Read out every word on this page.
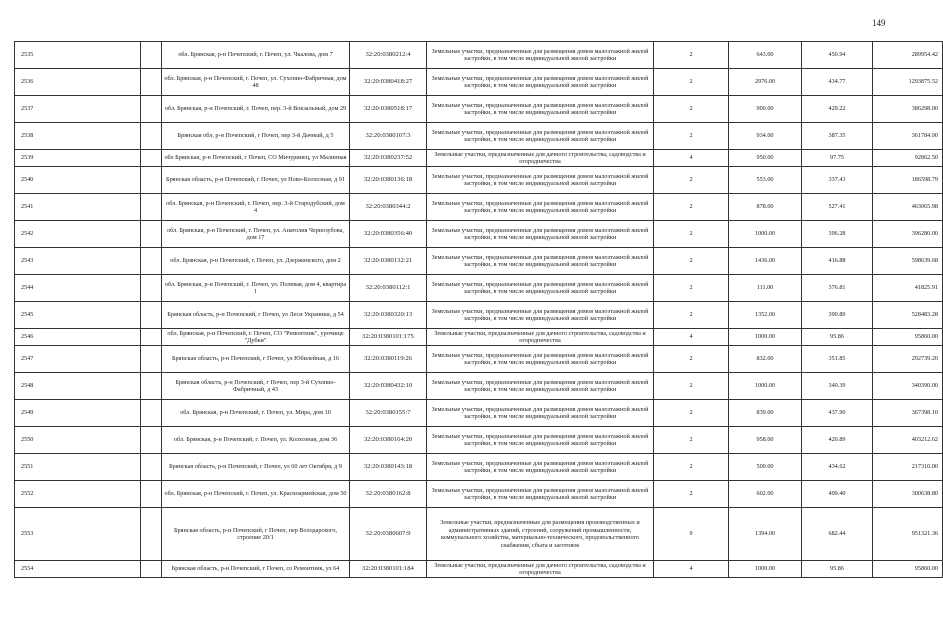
149
2535		обл. Брянская, р-н Почепский, г. Почеп, ул. Чкалова, дом 7	32:20:0380212:4	Земельные участки, предназначенные для размещения домов малоэтажной жилой застройки, в том числе индивидуальной жилой застройки	2	643.00	450.94	289954.42
2536		обл. Брянская, р-н Почепский, г. Почеп, ул. Сухопио-Фабричная, дом 48	32:20:0380418:27	Земельные участки, предназначенные для размещения домов малоэтажной жилой застройки, в том числе индивидуальной жилой застройки	2	2976.00	434.77	1293875.52
2537		обл. Брянская, р-н Почепский, г. Почеп, пер. 3-й Вокзальный, дом 29	32:20:0380518:17	Земельные участки, предназначенные для размещения домов малоэтажной жилой застройки, в том числе индивидуальной жилой застройки	2	900.00	429.22	386298.00
2538		Брянская обл, р-н Почепский, г Почеп, пер 3-й Дачный, д 5	32:20:0380107:3	Земельные участки, предназначенные для размещения домов малоэтажной жилой застройки, в том числе индивидуальной жилой застройки	2	934.00	387.35	361784.90
2539		обл Брянская, р-н Почепский, г Почеп, СО Мичуринец, ул Малинная	32:20:0380237:52	Земельные участки, предназначенные для дачного строительства, садоводства и огородничества	4	950.00	97.75	92862.50
2540		Брянская область, р-н Почепский, г Почеп, ул Ново-Колхозная, д 91	32:20:0380136:18	Земельные участки, предназначенные для размещения домов малоэтажной жилой застройки, в том числе индивидуальной жилой застройки	2	553.00	337.43	186598.79
2541		обл. Брянская, р-н Почепский, г. Почеп, пер. 3-й Стародубский, дом 4	32:20:0380344:2	Земельные участки, предназначенные для размещения домов малоэтажной жилой застройки, в том числе индивидуальной жилой застройки	2	878.00	527.41	463065.98
2542		обл. Брянская, р-н Почепский, г. Почеп, ул. Анатолия Чернозубова, дом 17	32:20:0380356:40	Земельные участки, предназначенные для размещения домов малоэтажной жилой застройки, в том числе индивидуальной жилой застройки	2	1000.00	396.28	396280.00
2543		обл. Брянская, р-н Почепский, г. Почеп, ул. Дзержинского, дом 2	32:20:0380132:21	Земельные участки, предназначенные для размещения домов малоэтажной жилой застройки, в том числе индивидуальной жилой застройки	2	1436.00	416.88	598639.68
2544		обл. Брянская, р-н Почепский, г. Почеп, ул. Полевая, дом 4, квартира 1	32:20:0380112:1	Земельные участки, предназначенные для размещения домов малоэтажной жилой застройки, в том числе индивидуальной жилой застройки	2	111.00	376.81	41825.91
2545		Брянская область, р-н Почепский, г Почеп, ул Леси Украинки, д 54	32:20:0380320:13	Земельные участки, предназначенные для размещения домов малоэтажной жилой застройки, в том числе индивидуальной жилой застройки	2	1352.00	390.89	528483.28
2546		обл. Брянская, р-н Почепский, г. Почеп, СО "Ремонтник", урочище "Дубки"	32:20:0380101:175	Земельные участки, предназначенные для дачного строительства, садоводства и огородничества	4	1000.00	95.86	95860.00
2547		Брянская область, р-н Почепский, г Почеп, ул Юбилейная, д 16	32:20:0380119:26	Земельные участки, предназначенные для размещения домов малоэтажной жилой застройки, в том числе индивидуальной жилой застройки	2	832.00	351.85	292739.20
2548		Брянская область, р-н Почепский, г Почеп, пер 3-й Сухопио-Фабричный, д 43	32:20:0380432:10	Земельные участки, предназначенные для размещения домов малоэтажной жилой застройки, в том числе индивидуальной жилой застройки	2	1000.00	340.39	340390.00
2549		обл. Брянская, р-н Почепский, г. Почеп, ул. Мира, дом 10	32:20:0380155:7	Земельные участки, предназначенные для размещения домов малоэтажной жилой застройки, в том числе индивидуальной жилой застройки	2	839.00	437.90	367398.10
2550		обл. Брянская, р-н Почепский, г. Почеп, ул. Колхозная, дом 36	32:20:0380164:20	Земельные участки, предназначенные для размещения домов малоэтажной жилой застройки, в том числе индивидуальной жилой застройки	2	958.00	420.89	403212.62
2551		Брянская область, р-н Почепский, г Почеп, ул 60 лет Октября, д 9	32:20:0380143:18	Земельные участки, предназначенные для размещения домов малоэтажной жилой застройки, в том числе индивидуальной жилой застройки	2	500.00	434.62	217310.00
2552		обл. Брянская, р-н Почепский, г. Почеп, ул. Красноармейская, дом 50	32:20:0380162:8	Земельные участки, предназначенные для размещения домов малоэтажной жилой застройки, в том числе индивидуальной жилой застройки	2	602.00	499.40	300638.80
2553		Брянская область, р-н Почепский, г Почеп, пер Володарского, строение 20/1	32:20:0380607:9	Земельные участки, предназначенные для размещения производственных и административных зданий, строений, сооружений промышленности, коммунального хозяйства, материально-технического, продовольственного снабжения, сбыта и заготовок	9	1394.00	682.44	951321.36
2554		Брянская область, р-н Почепский, г Почеп, со Ремонтник, ул 64	32:20:0380101:184	Земельные участки, предназначенные для дачного строительства, садоводства и огородничества	4	1000.00	95.86	95860.00
